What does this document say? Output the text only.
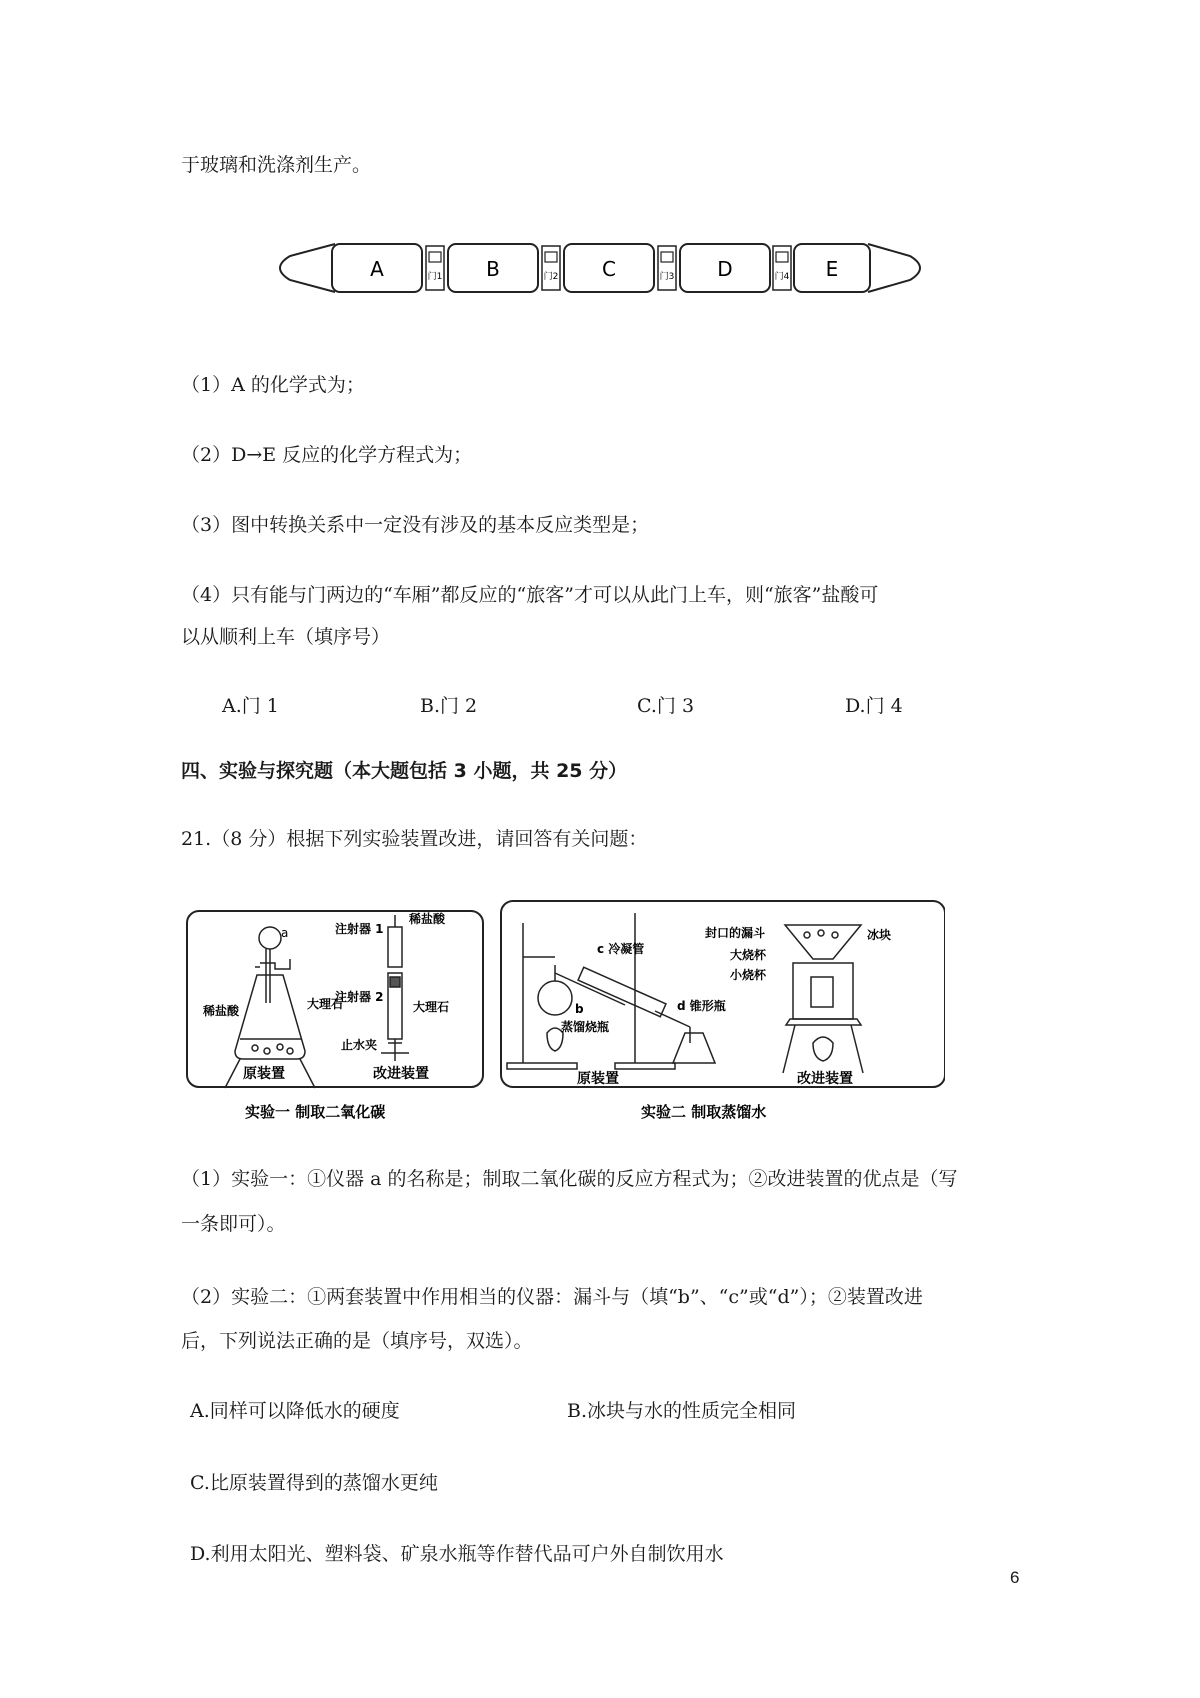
于玻璃和洗涤剂生产。
A	B	C	D	E
门1	门2	门3	门4
（1）A 的化学式为；
（2）D→E 反应的化学方程式为；
（3）图中转换关系中一定没有涉及的基本反应类型是；
（4）只有能与门两边的“车厢”都反应的“旅客”才可以从此门上车，则“旅客”盐酸可
以从顺利上车（填序号）
A.门 1	B.门 2	C.门 3	D.门 4
四、实验与探究题（本大题包括 3 小题，共 25 分）
21.（8 分）根据下列实验装置改进，请回答有关问题：
a
稀盐酸	大理石
注射器 1
注射器 2
止水夹
稀盐酸
大理石
原装置	改进装置
实验一 制取二氧化碳
c 冷凝管
b
蒸馏烧瓶
d 锥形瓶
封口的漏斗	冰块
大烧杯
小烧杯
原装置	改进装置
实验二 制取蒸馏水
（1）实验一：①仪器 a 的名称是；制取二氧化碳的反应方程式为；②改进装置的优点是（写
一条即可）。
（2）实验二：①两套装置中作用相当的仪器：漏斗与（填“b”、“c”或“d”）；②装置改进
后，下列说法正确的是（填序号，双选）。
A.同样可以降低水的硬度	B.冰块与水的性质完全相同
C.比原装置得到的蒸馏水更纯
D.利用太阳光、塑料袋、矿泉水瓶等作替代品可户外自制饮用水
6
